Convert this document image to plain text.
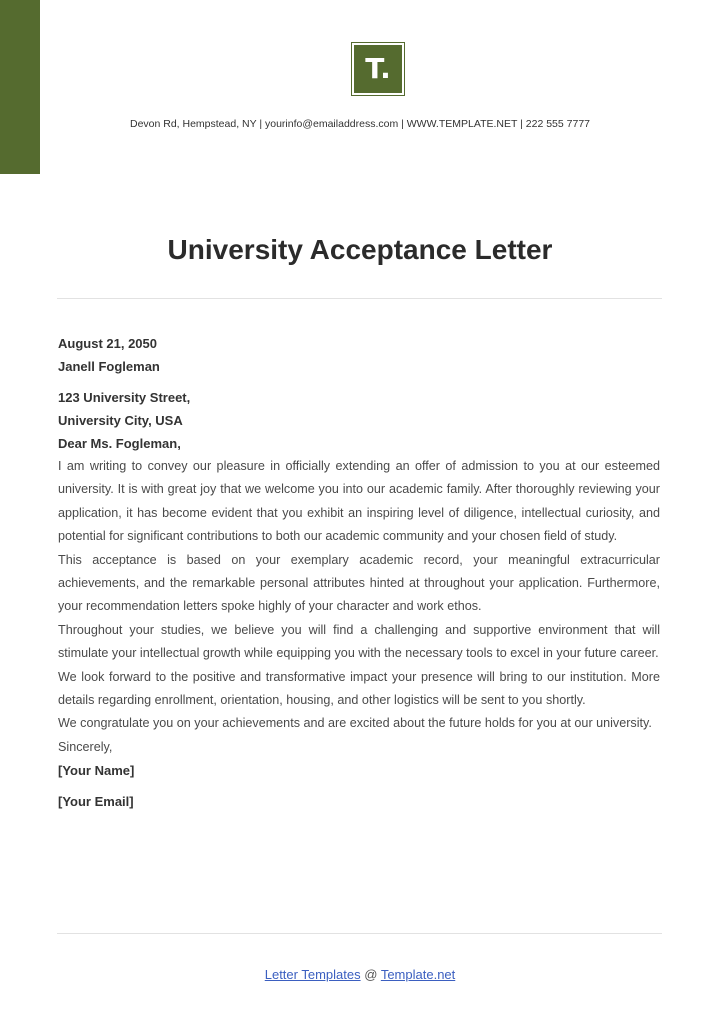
T.
Devon Rd, Hempstead, NY | yourinfo@emailaddress.com | WWW.TEMPLATE.NET | 222 555 7777
University Acceptance Letter

August 21, 2050

Janell Fogleman

123 University Street,

University City, USA

Dear Ms. Fogleman,

I am writing to convey our pleasure in officially extending an offer of admission to you at our esteemed university. It is with great joy that we welcome you into our academic family. After thoroughly reviewing your application, it has become evident that you exhibit an inspiring level of diligence, intellectual curiosity, and potential for significant contributions to both our academic community and your chosen field of study.

This acceptance is based on your exemplary academic record, your meaningful extracurricular achievements, and the remarkable personal attributes hinted at throughout your application. Furthermore, your recommendation letters spoke highly of your character and work ethos.

Throughout your studies, we believe you will find a challenging and supportive environment that will stimulate your intellectual growth while equipping you with the necessary tools to excel in your future career.

We look forward to the positive and transformative impact your presence will bring to our institution. More details regarding enrollment, orientation, housing, and other logistics will be sent to you shortly.

We congratulate you on your achievements and are excited about the future holds for you at our university.

Sincerely,

[Your Name]

[Your Email]

Letter Templates @ Template.net
